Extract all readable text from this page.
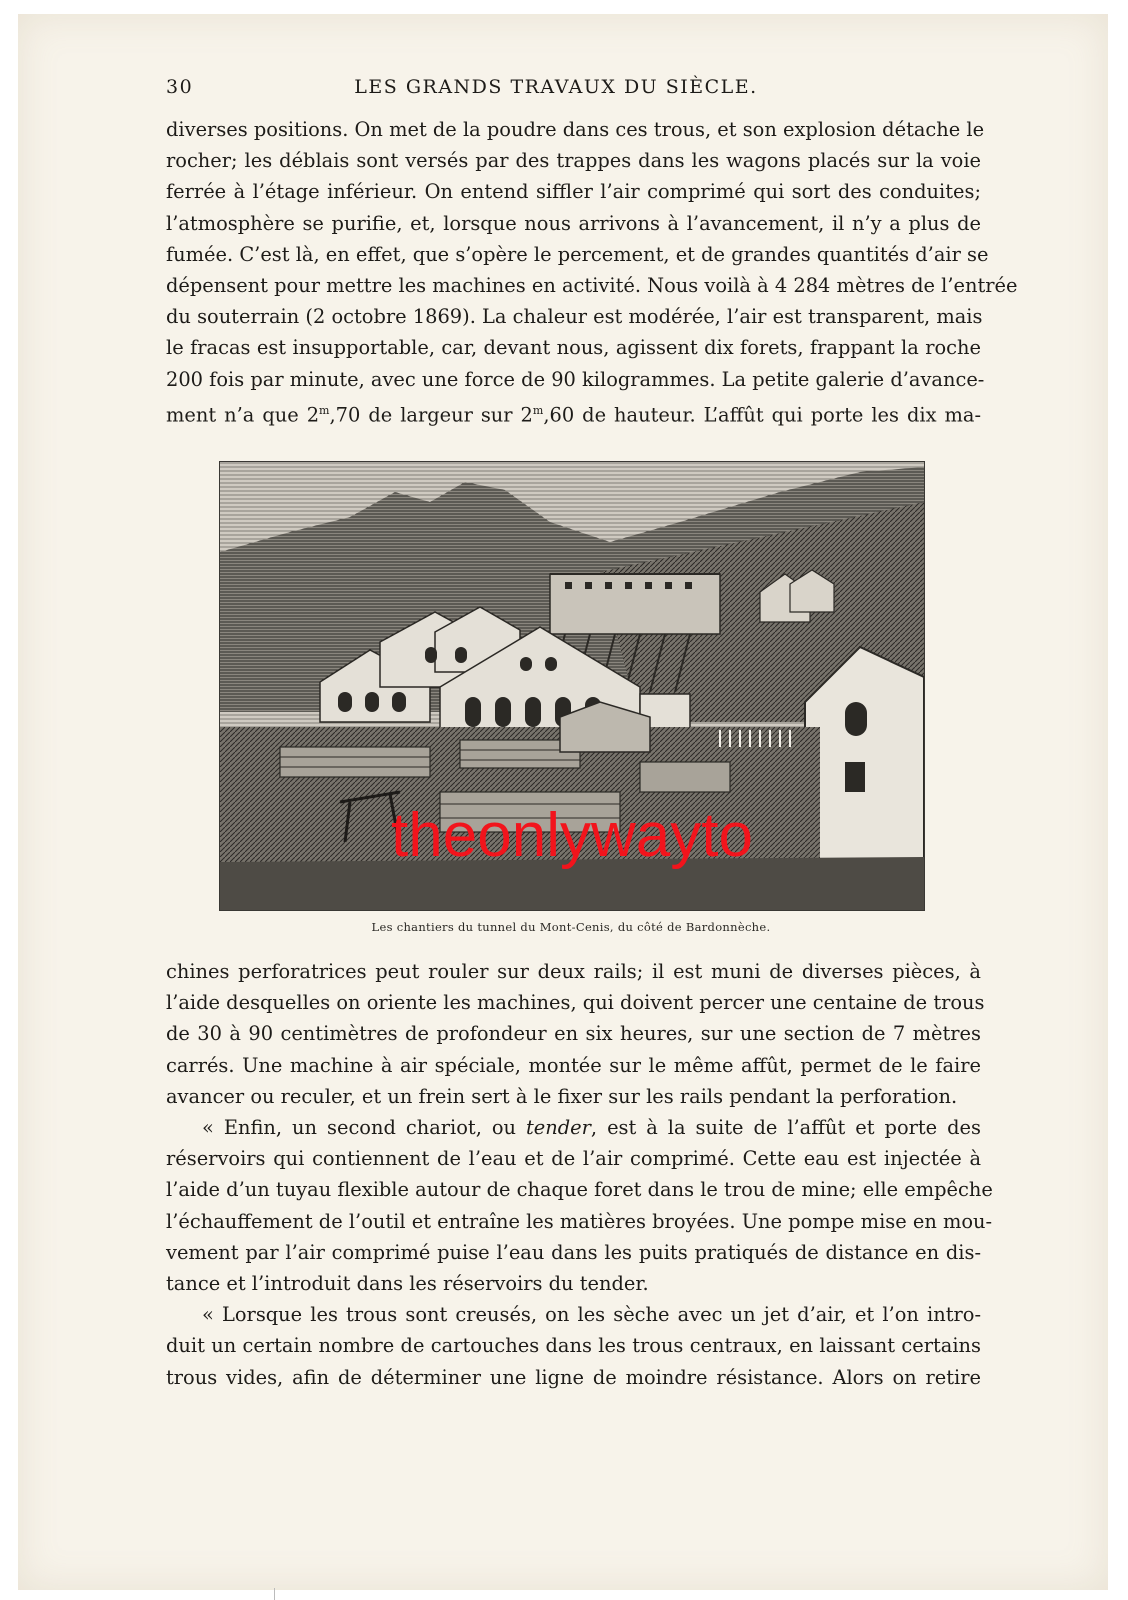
30	LES GRANDS TRAVAUX DU SIÈCLE.
diverses positions. On met de la poudre dans ces trous, et son explosion détache le
rocher; les déblais sont versés par des trappes dans les wagons placés sur la voie
ferrée à l’étage inférieur. On entend siffler l’air comprimé qui sort des conduites;
l’atmosphère se purifie, et, lorsque nous arrivons à l’avancement, il n’y a plus de
fumée. C’est là, en effet, que s’opère le percement, et de grandes quantités d’air se
dépensent pour mettre les machines en activité. Nous voilà à 4 284 mètres de l’entrée
du souterrain (2 octobre 1869). La chaleur est modérée, l’air est transparent, mais
le fracas est insupportable, car, devant nous, agissent dix forets, frappant la roche
200 fois par minute, avec une force de 90 kilogrammes. La petite galerie d’avance-
ment n’a que 2$^m$,70 de largeur sur 2$^m$,60 de hauteur. L’affût qui porte les dix ma-
theonlywayto
Les chantiers du tunnel du Mont-Cenis, du côté de Bardonnèche.
chines perforatrices peut rouler sur deux rails; il est muni de diverses pièces, à
l’aide desquelles on oriente les machines, qui doivent percer une centaine de trous
de 30 à 90 centimètres de profondeur en six heures, sur une section de 7 mètres
carrés. Une machine à air spéciale, montée sur le même affût, permet de le faire
avancer ou reculer, et un frein sert à le fixer sur les rails pendant la perforation.
« Enfin, un second chariot, ou tender, est à la suite de l’affût et porte des
réservoirs qui contiennent de l’eau et de l’air comprimé. Cette eau est injectée à
l’aide d’un tuyau flexible autour de chaque foret dans le trou de mine; elle empêche
l’échauffement de l’outil et entraîne les matières broyées. Une pompe mise en mou-
vement par l’air comprimé puise l’eau dans les puits pratiqués de distance en dis-
tance et l’introduit dans les réservoirs du tender.
« Lorsque les trous sont creusés, on les sèche avec un jet d’air, et l’on intro-
duit un certain nombre de cartouches dans les trous centraux, en laissant certains
trous vides, afin de déterminer une ligne de moindre résistance. Alors on retire
